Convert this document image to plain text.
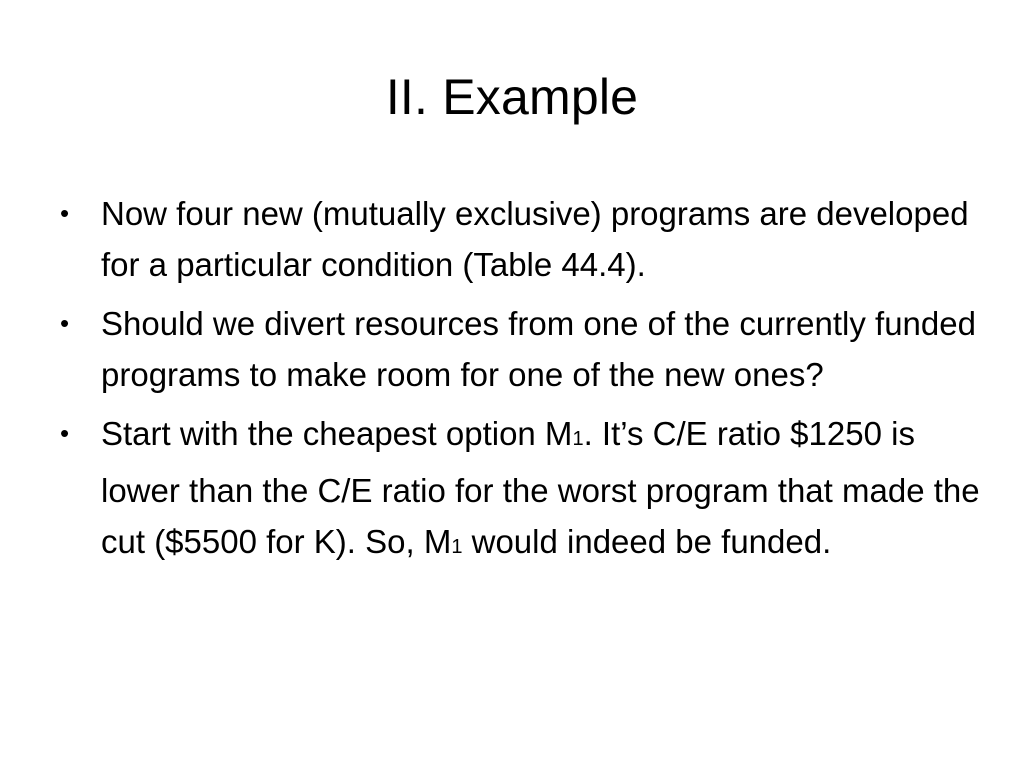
II. Example
• Now four new (mutually exclusive) programs are developed for a particular condition (Table 44.4).
• Should we divert resources from one of the currently funded programs to make room for one of the new ones?
• Start with the cheapest option M1. It’s C/E ratio $1250 is lower than the C/E ratio for the worst program that made the cut ($5500 for K). So, M1 would indeed be funded.
